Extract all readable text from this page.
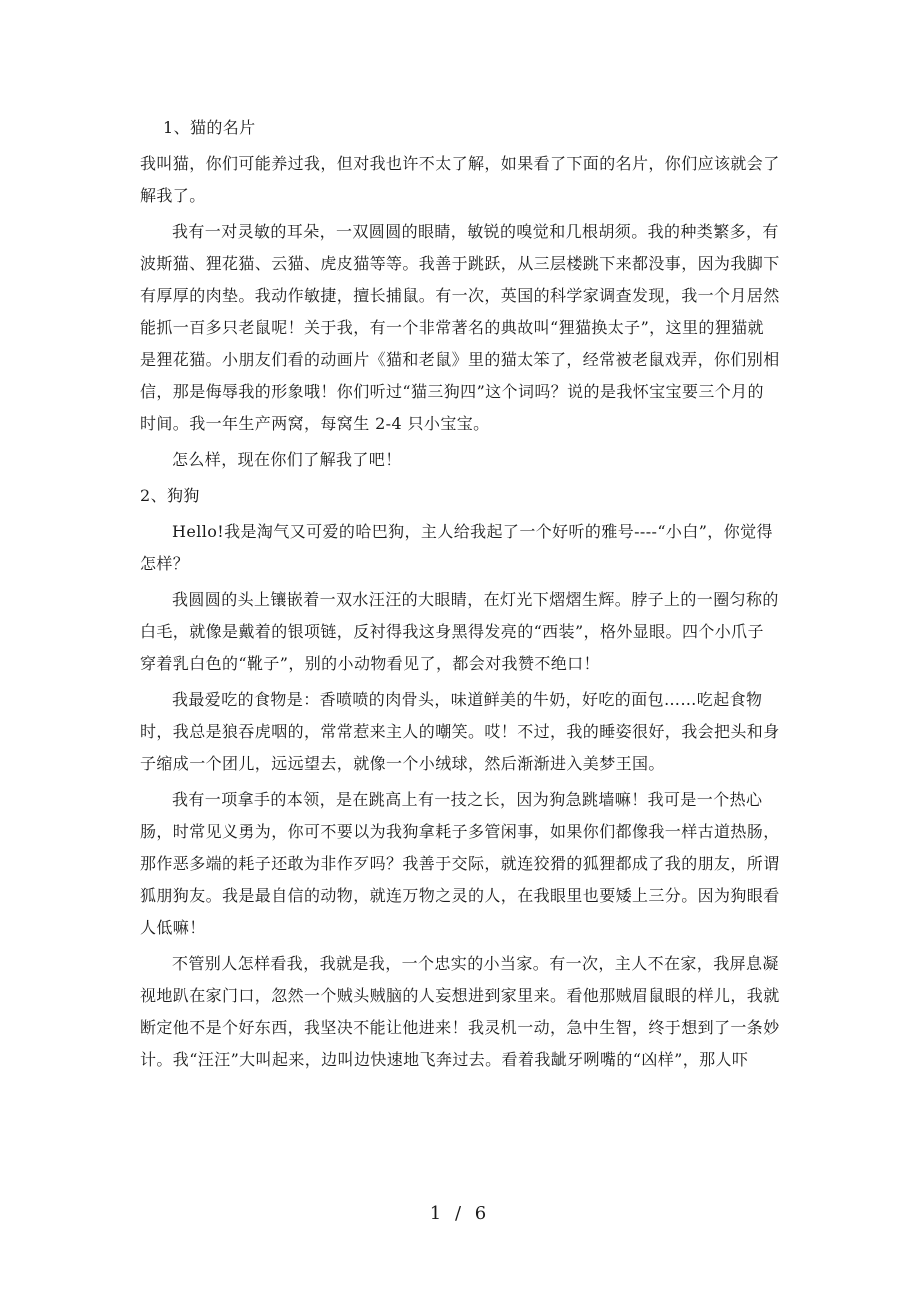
1、猫的名片

我叫猫，你们可能养过我，但对我也许不太了解，如果看了下面的名片，你们应该就会了解我了。

我有一对灵敏的耳朵，一双圆圆的眼睛，敏锐的嗅觉和几根胡须。我的种类繁多，有波斯猫、狸花猫、云猫、虎皮猫等等。我善于跳跃，从三层楼跳下来都没事，因为我脚下有厚厚的肉垫。我动作敏捷，擅长捕鼠。有一次，英国的科学家调查发现，我一个月居然能抓一百多只老鼠呢！关于我，有一个非常著名的典故叫“狸猫换太子”，这里的狸猫就是狸花猫。小朋友们看的动画片《猫和老鼠》里的猫太笨了，经常被老鼠戏弄，你们别相信，那是侮辱我的形象哦！你们听过“猫三狗四”这个词吗？说的是我怀宝宝要三个月的时间。我一年生产两窝，每窝生 2-4 只小宝宝。

怎么样，现在你们了解我了吧！

2、狗狗

Hello!我是淘气又可爱的哈巴狗，主人给我起了一个好听的雅号----“小白”，你觉得怎样？

我圆圆的头上镶嵌着一双水汪汪的大眼睛，在灯光下熠熠生辉。脖子上的一圈匀称的白毛，就像是戴着的银项链，反衬得我这身黑得发亮的“西装”，格外显眼。四个小爪子穿着乳白色的“靴子”，别的小动物看见了，都会对我赞不绝口！

我最爱吃的食物是：香喷喷的肉骨头，味道鲜美的牛奶，好吃的面包……吃起食物时，我总是狼吞虎咽的，常常惹来主人的嘲笑。哎！不过，我的睡姿很好，我会把头和身子缩成一个团儿，远远望去，就像一个小绒球，然后渐渐进入美梦王国。

我有一项拿手的本领，是在跳高上有一技之长，因为狗急跳墙嘛！我可是一个热心肠，时常见义勇为，你可不要以为我狗拿耗子多管闲事，如果你们都像我一样古道热肠，那作恶多端的耗子还敢为非作歹吗？我善于交际，就连狡猾的狐狸都成了我的朋友，所谓狐朋狗友。我是最自信的动物，就连万物之灵的人，在我眼里也要矮上三分。因为狗眼看人低嘛！

不管别人怎样看我，我就是我，一个忠实的小当家。有一次，主人不在家，我屏息凝视地趴在家门口，忽然一个贼头贼脑的人妄想进到家里来。看他那贼眉鼠眼的样儿，我就断定他不是个好东西，我坚决不能让他进来！我灵机一动，急中生智，终于想到了一条妙计。我“汪汪”大叫起来，边叫边快速地飞奔过去。看着我龇牙咧嘴的“凶样”，那人吓

1 / 6
